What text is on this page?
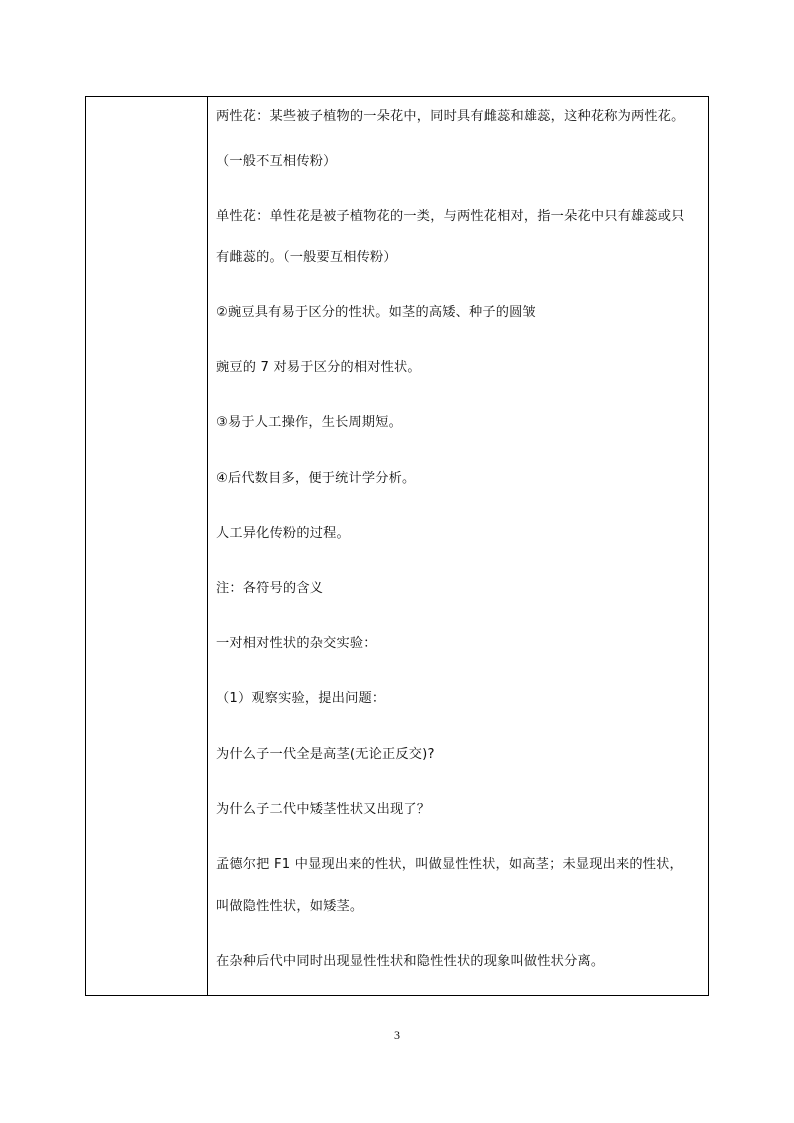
两性花：某些被子植物的一朵花中，同时具有雌蕊和雄蕊，这种花称为两性花。
（一般不互相传粉）
单性花：单性花是被子植物花的一类，与两性花相对，指一朵花中只有雄蕊或只
有雌蕊的。（一般要互相传粉）
②豌豆具有易于区分的性状。如茎的高矮、种子的圆皱
豌豆的 7 对易于区分的相对性状。
③易于人工操作，生长周期短。
④后代数目多，便于统计学分析。
人工异化传粉的过程。
注：各符号的含义
一对相对性状的杂交实验：
（1）观察实验，提出问题：
为什么子一代全是高茎(无论正反交)?
为什么子二代中矮茎性状又出现了？
孟德尔把 F1 中显现出来的性状，叫做显性性状，如高茎；未显现出来的性状，
叫做隐性性状，如矮茎。
在杂种后代中同时出现显性性状和隐性性状的现象叫做性状分离。
3
